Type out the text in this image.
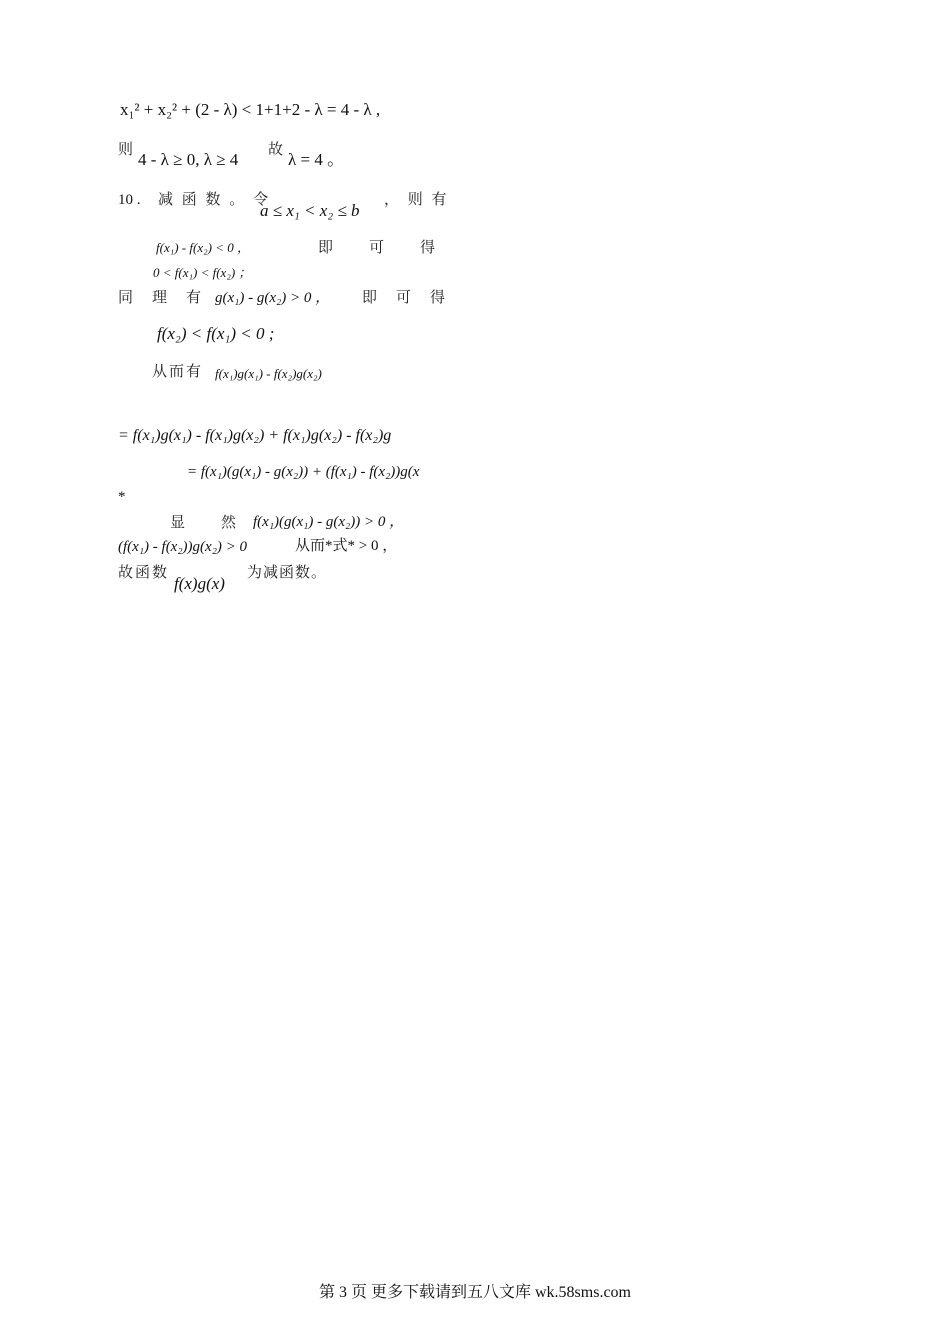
x₁² + x₂² + (2 - λ) < 1+1+2 - λ = 4 - λ ,
则
4 - λ ≥ 0, λ ≥ 4
故
λ = 4 。
10 . 减 函 数 。 令
a ≤ x₁ < x₂ ≤ b
， 则 有
f(x₁) - f(x₂) < 0 ，	即　　可　　得
0 < f(x₁) < f(x₂) ；
同　理　有 g(x₁) - g(x₂) > 0 ， 即　可　得
f(x₂) < f(x₁) < 0 ;
从而有 f(x₁)g(x₁) - f(x₂)g(x₂)
= f(x₁)g(x₁) - f(x₁)g(x₂) + f(x₁)g(x₂) - f(x₂)g
= f(x₁)(g(x₁) - g(x₂)) + (f(x₁) - f(x₂))g(x
*
显　　然 f(x₁)(g(x₁) - g(x₂)) > 0 ，
(f(x₁) - f(x₂))g(x₂) > 0	从而*式* > 0 ，
故函数
f(x)g(x)
为减函数。
第 3 页 更多下载请到五八文库 wk.58sms.com
